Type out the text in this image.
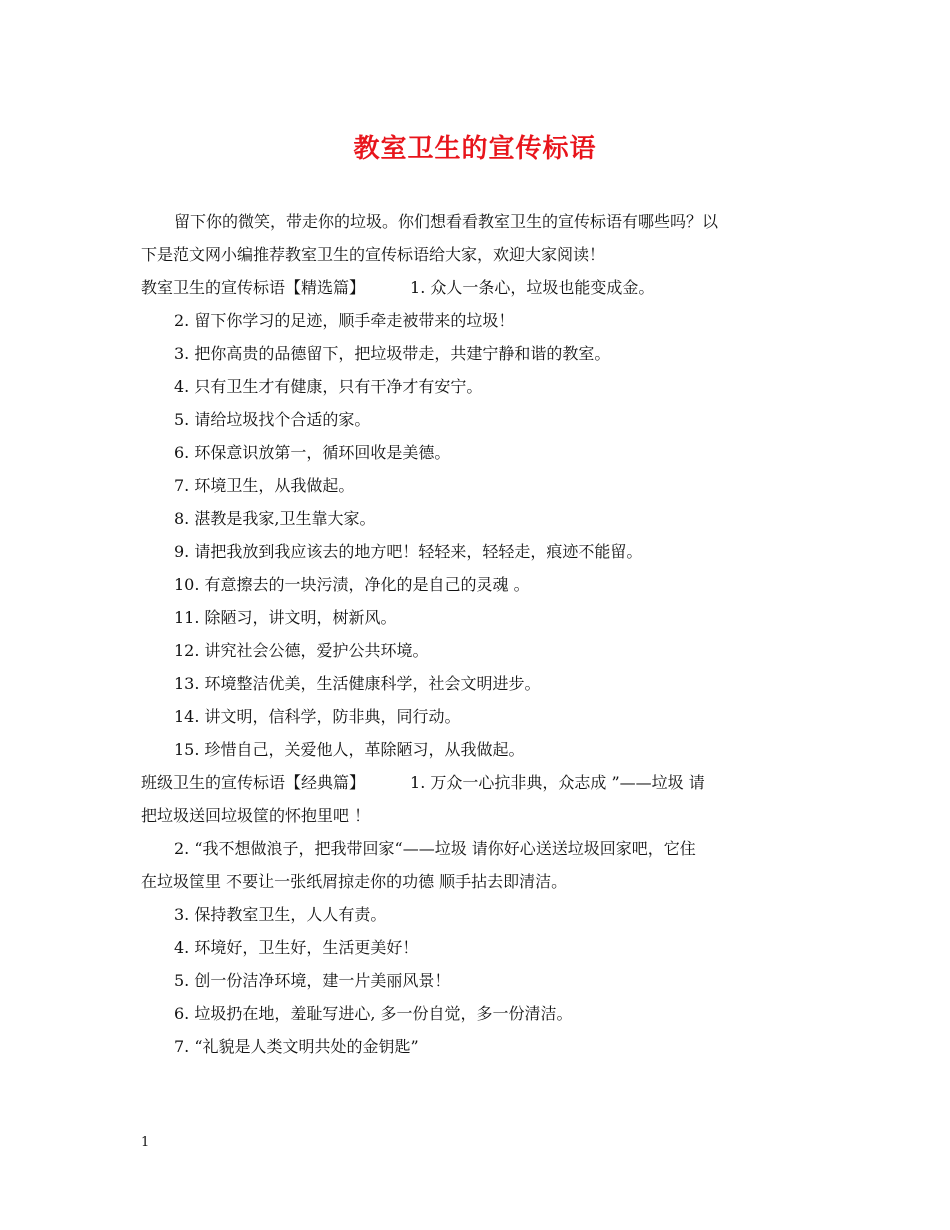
教室卫生的宣传标语

留下你的微笑，带走你的垃圾。你们想看看教室卫生的宣传标语有哪些吗？以

下是范文网小编推荐教室卫生的宣传标语给大家，欢迎大家阅读！

教室卫生的宣传标语【精选篇】	1. 众人一条心，垃圾也能变成金。

2. 留下你学习的足迹，顺手牵走被带来的垃圾！

3. 把你高贵的品德留下，把垃圾带走，共建宁静和谐的教室。

4. 只有卫生才有健康，只有干净才有安宁。

5. 请给垃圾找个合适的家。

6. 环保意识放第一，循环回收是美德。

7. 环境卫生，从我做起。

8. 湛教是我家,卫生靠大家。

9. 请把我放到我应该去的地方吧！轻轻来，轻轻走，痕迹不能留。

10. 有意擦去的一块污渍，净化的是自己的灵魂 。

11. 除陋习，讲文明，树新风。

12. 讲究社会公德，爱护公共环境。

13. 环境整洁优美，生活健康科学，社会文明进步。

14. 讲文明，信科学，防非典，同行动。

15. 珍惜自己，关爱他人，革除陋习，从我做起。

班级卫生的宣传标语【经典篇】	1. 万众一心抗非典，众志成 ”——垃圾 请

把垃圾送回垃圾筐的怀抱里吧 ！

2. “我不想做浪子，把我带回家“——垃圾 请你好心送送垃圾回家吧，它住

在垃圾筐里 不要让一张纸屑掠走你的功德 顺手拈去即清洁。

3. 保持教室卫生，人人有责。

4. 环境好，卫生好，生活更美好！

5. 创一份洁净环境，建一片美丽风景！

6. 垃圾扔在地，羞耻写进心, 多一份自觉，多一份清洁。

7. “礼貌是人类文明共处的金钥匙”

1
